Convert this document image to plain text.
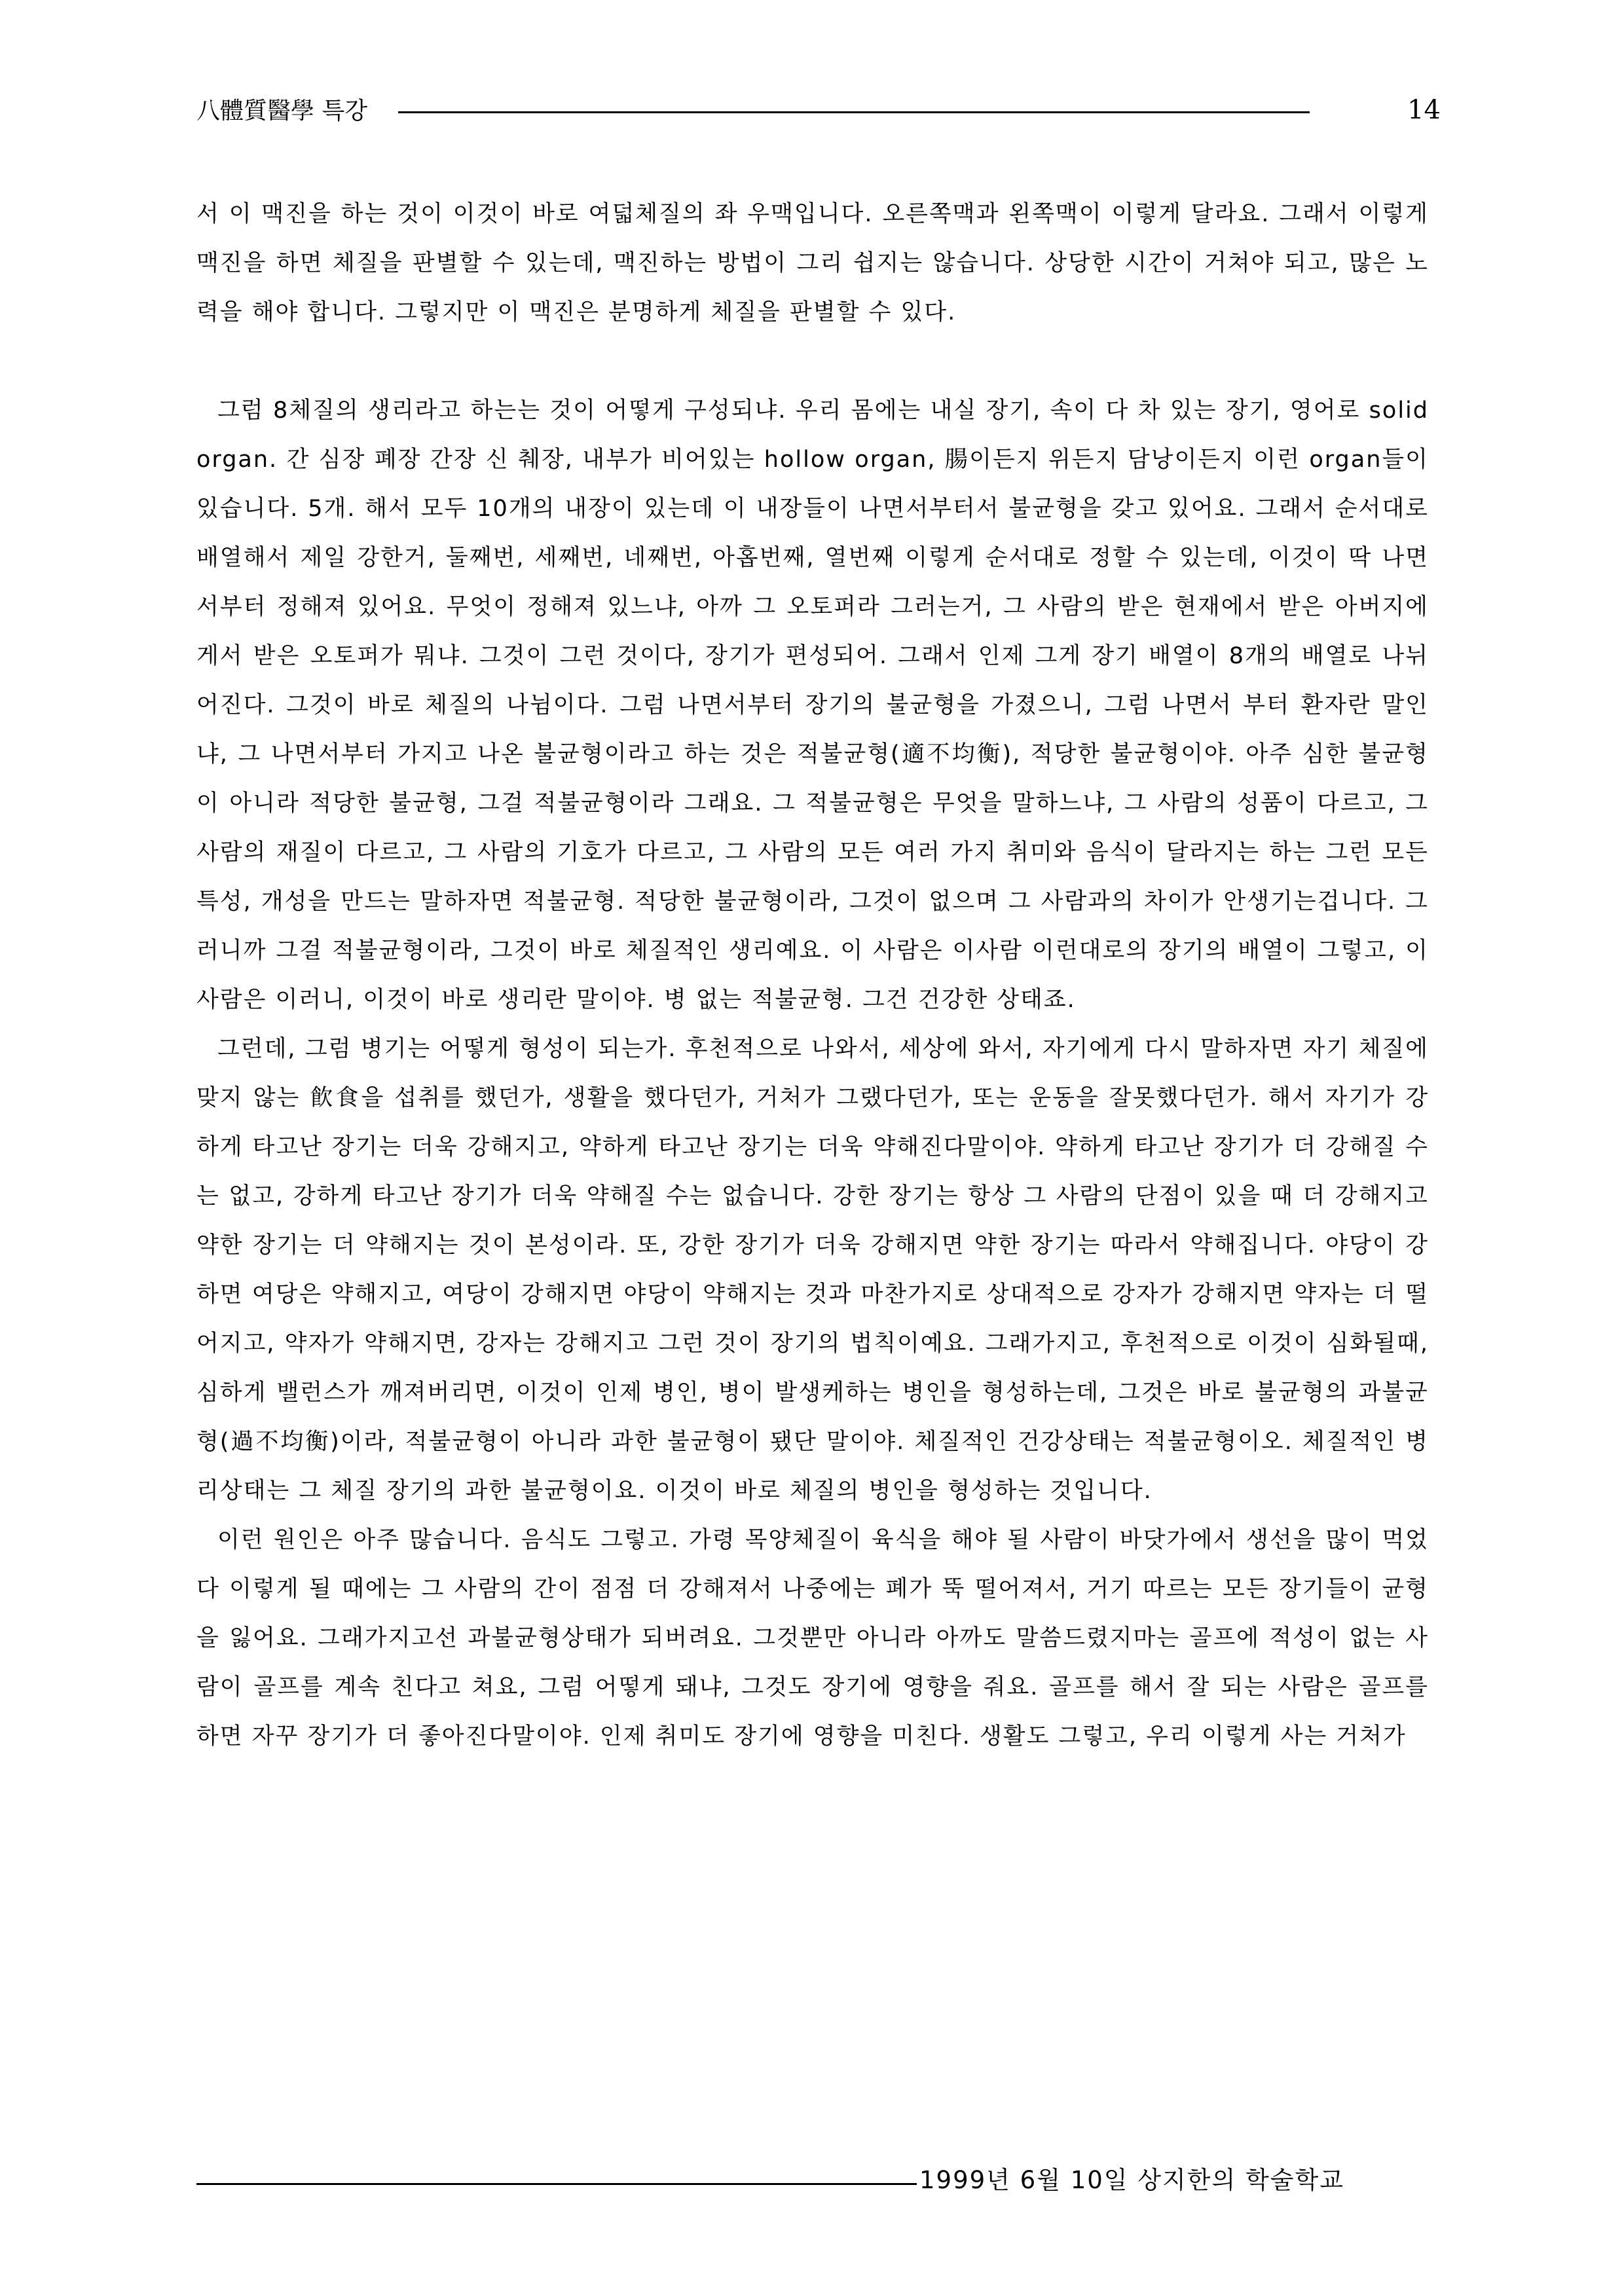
八體質醫學 특강	14

서 이 맥진을 하는 것이 이것이 바로 여덟체질의 좌 우맥입니다. 오른쪽맥과 왼쪽맥이 이렇게 달라요. 그래서 이렇게맥진을 하면 체질을 판별할 수 있는데, 맥진하는 방법이 그리 쉽지는 않습니다. 상당한 시간이 거쳐야 되고, 많은 노력을 해야 합니다. 그렇지만 이 맥진은 분명하게 체질을 판별할 수 있다.

그럼 8체질의 생리라고 하는는 것이 어떻게 구성되냐. 우리 몸에는 내실 장기, 속이 다 차 있는 장기, 영어로 solid organ. 간 심장 폐장 간장 신 췌장, 내부가 비어있는 hollow organ, 腸이든지 위든지 담낭이든지 이런 organ들이 있습니다. 5개. 해서 모두 10개의 내장이 있는데 이 내장들이 나면서부터서 불균형을 갖고 있어요. 그래서 순서대로 배열해서 제일 강한거, 둘째번, 세째번, 네째번, 아홉번째, 열번째 이렇게 순서대로 정할 수 있는데, 이것이 딱 나면서부터 정해져 있어요. 무엇이 정해져 있느냐, 아까 그 오토퍼라 그러는거, 그 사람의 받은 현재에서 받은 아버지에게서 받은 오토퍼가 뭐냐. 그것이 그런 것이다, 장기가 편성되어. 그래서 인제 그게 장기 배열이 8개의 배열로 나뉘어진다. 그것이 바로 체질의 나뉨이다. 그럼 나면서부터 장기의 불균형을 가졌으니, 그럼 나면서 부터 환자란 말인냐, 그 나면서부터 가지고 나온 불균형이라고 하는 것은 적불균형(適不均衡), 적당한 불균형이야. 아주 심한 불균형이 아니라 적당한 불균형, 그걸 적불균형이라 그래요. 그 적불균형은 무엇을 말하느냐, 그 사람의 성품이 다르고, 그 사람의 재질이 다르고, 그 사람의 기호가 다르고, 그 사람의 모든 여러 가지 취미와 음식이 달라지는 하는 그런 모든 특성, 개성을 만드는 말하자면 적불균형. 적당한 불균형이라, 그것이 없으며 그 사람과의 차이가 안생기는겁니다. 그러니까 그걸 적불균형이라, 그것이 바로 체질적인 생리예요. 이 사람은 이사람 이런대로의 장기의 배열이 그렇고, 이 사람은 이러니, 이것이 바로 생리란 말이야. 병 없는 적불균형. 그건 건강한 상태죠.

그런데, 그럼 병기는 어떻게 형성이 되는가. 후천적으로 나와서, 세상에 와서, 자기에게 다시 말하자면 자기 체질에 맞지 않는 飮食을 섭취를 했던가, 생활을 했다던가, 거처가 그랬다던가, 또는 운동을 잘못했다던가. 해서 자기가 강하게 타고난 장기는 더욱 강해지고, 약하게 타고난 장기는 더욱 약해진다말이야. 약하게 타고난 장기가 더 강해질 수는 없고, 강하게 타고난 장기가 더욱 약해질 수는 없습니다. 강한 장기는 항상 그 사람의 단점이 있을 때 더 강해지고 약한 장기는 더 약해지는 것이 본성이라. 또, 강한 장기가 더욱 강해지면 약한 장기는 따라서 약해집니다. 야당이 강하면 여당은 약해지고, 여당이 강해지면 야당이 약해지는 것과 마찬가지로 상대적으로 강자가 강해지면 약자는 더 떨어지고, 약자가 약해지면, 강자는 강해지고 그런 것이 장기의 법칙이예요. 그래가지고, 후천적으로 이것이 심화될때, 심하게 밸런스가 깨져버리면, 이것이 인제 병인, 병이 발생케하는 병인을 형성하는데, 그것은 바로 불균형의 과불균형(過不均衡)이라, 적불균형이 아니라 과한 불균형이 됐단 말이야. 체질적인 건강상태는 적불균형이오. 체질적인 병리상태는 그 체질 장기의 과한 불균형이요. 이것이 바로 체질의 병인을 형성하는 것입니다.

이런 원인은 아주 많습니다. 음식도 그렇고. 가령 목양체질이 육식을 해야 될 사람이 바닷가에서 생선을 많이 먹었다 이렇게 될 때에는 그 사람의 간이 점점 더 강해져서 나중에는 폐가 뚝 떨어져서, 거기 따르는 모든 장기들이 균형을 잃어요. 그래가지고선 과불균형상태가 되버려요. 그것뿐만 아니라 아까도 말씀드렸지마는 골프에 적성이 없는 사람이 골프를 계속 친다고 쳐요, 그럼 어떻게 돼냐, 그것도 장기에 영향을 줘요. 골프를 해서 잘 되는 사람은 골프를 하면 자꾸 장기가 더 좋아진다말이야. 인제 취미도 장기에 영향을 미친다. 생활도 그렇고, 우리 이렇게 사는 거처가

1999년 6월 10일 상지한의 학술학교
